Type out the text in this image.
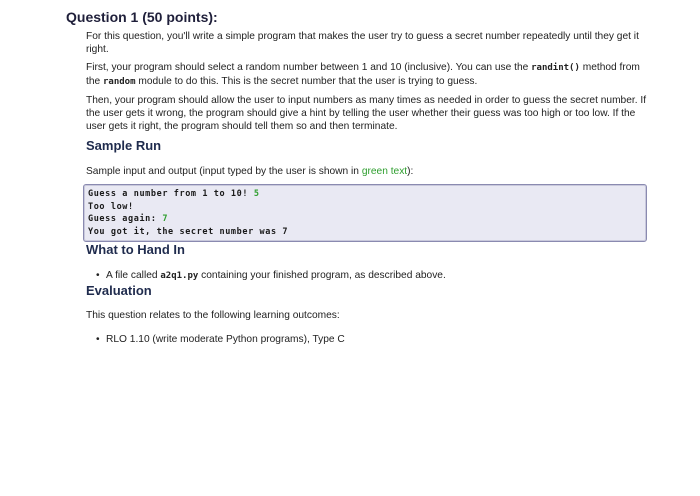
Question 1 (50 points):

For this question, you'll write a simple program that makes the user try to guess a secret number repeatedly until they get it right.

First, your program should select a random number between 1 and 10 (inclusive). You can use the randint() method from the random module to do this. This is the secret number that the user is trying to guess.

Then, your program should allow the user to input numbers as many times as needed in order to guess the secret number. If the user gets it wrong, the program should give a hint by telling the user whether their guess was too high or too low. If the user gets it right, the program should tell them so and then terminate.

Sample Run

Sample input and output (input typed by the user is shown in green text):

Guess a number from 1 to 10! 5
Too low!
Guess again: 7
You got it, the secret number was 7
What to Hand In
• A file called a2q1.py containing your finished program, as described above.
Evaluation

This question relates to the following learning outcomes:

• RLO 1.10 (write moderate Python programs), Type C
